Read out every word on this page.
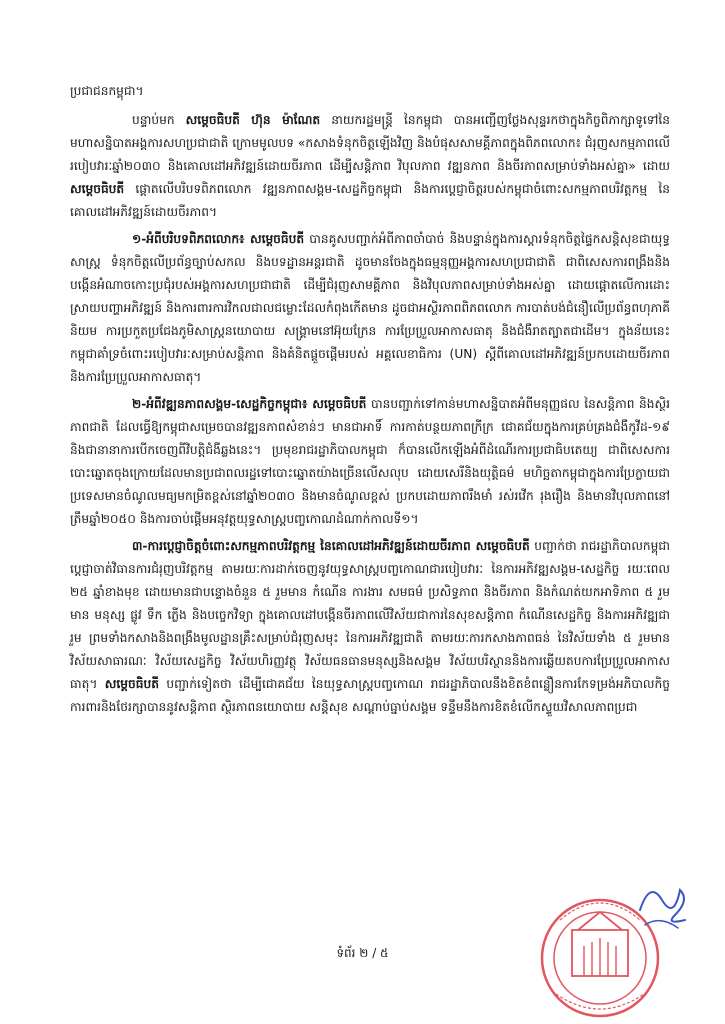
ប្រជាជនកម្ពុជា។

បន្ទាប់មក សម្ដេចធិបតី ហ៊ុន ម៉ាណែត នាយករដ្ឋមន្ត្រី នៃកម្ពុជា បានអញ្ជើញថ្លែងសុន្ទរកថាក្នុងកិច្ចពិភាក្សាទូទៅនៃមហាសន្និបាតអង្គការសហប្រជាជាតិ ក្រោមមូលបទ «កសាងទំនុកចិត្តឡើងវិញ និងបំផុសសាមគ្គីភាពក្នុងពិភពលោក៖ ជំរុញសកម្មភាពលើរបៀបវារៈឆ្នាំ២០៣០ និងគោលដៅអភិវឌ្ឍន៍ដោយចីរភាព ដើម្បីសន្តិភាព វិបុលភាព វឌ្ឍនភាព និងចីរភាពសម្រាប់ទាំងអស់គ្នា» ដោយ សម្ដេចធិបតី ផ្ដោតលើបរិបទពិភពលោក វឌ្ឍនភាពសង្គម-សេដ្ឋកិច្ចកម្ពុជា និងការប្ដេជ្ញាចិត្តរបស់កម្ពុជាចំពោះសកម្មភាពបរិវត្តកម្ម នៃគោលដៅអភិវឌ្ឍន៍ដោយចីរភាព។

១-អំពីបរិបទពិភពលោក៖ សម្ដេចធិបតី បានគូសបញ្ជាក់អំពីភាពចាំបាច់ និងបន្ទាន់ក្នុងការស្ដារទំនុកចិត្តផ្ទៃកសន្តិសុខជាយុទ្ធសាស្ត្រ ទំនុកចិត្តលើប្រព័ន្ធច្បាប់សកល និងបទដ្ឋានអន្តរជាតិ ដូចមានចែងក្នុងធម្មនុញ្ញអង្គការសហប្រជាជាតិ ជាពិសេសការពង្រឹងនិងបង្កើនអំណាចកោះប្រជុំរបស់អង្គការសហប្រជាជាតិ ដើម្បីជំរុញសាមគ្គីភាព និងវិបុលភាពសម្រាប់ទាំងអស់គ្នា ដោយផ្ដោតលើការដោះស្រាយបញ្ហាអភិវឌ្ឍន៍ និងការពារការវិកលជាលជម្លោះដែលកំពុងកើតមាន ដូចជាអស្ថិរភាពពិភពលោក ការបាត់បង់ជំនឿលើប្រព័ន្ធពហុភាគីនិយម ការប្រកួតប្រជែងភូមិសាស្ត្រនយោបាយ សង្គ្រាមនៅអ៊ុយក្រែន ការប្រែប្រួលអាកាសធាតុ និងជំងឺរាតត្បាតជាដើម។ ក្នុងន័យនេះ កម្ពុជាគាំទ្រចំពោះរបៀបវារៈសម្រាប់សន្តិភាព និងគំនិតផ្ដួចផ្ដើមរបស់ អគ្គលេខាធិការ (UN) ស្ដីពីគោលដៅអភិវឌ្ឍន៍ប្រកបដោយចីរភាព និងការប្រែប្រួលអាកាសធាតុ។

២-អំពីវឌ្ឍនភាពសង្គម-សេដ្ឋកិច្ចកម្ពុជា៖ សម្ដេចធិបតី បានបញ្ជាក់ទៅកាន់មហាសន្និបាតអំពីមនុញ្ញផល នៃសន្តិភាព និងស្ថិរភាពជាតិ ដែលធ្វើឱ្យកម្ពុជាសម្រេចបានវឌ្ឍនភាពសំខាន់ៗ មានជាអាទិ៍ ការកាត់បន្ថយភាពក្រីក្រ ជោគជ័យក្នុងការគ្រប់គ្រងជំងឺកូវីដ-១៩ និងជានានាការបើកចេញពីវិបត្តិជំងឺឆ្លងនេះ។ ប្រមុខរាជរដ្ឋាភិបាលកម្ពុជា ក៏បានលើកឡើងអំពីដំណើរការប្រជាធិបតេយ្យ ជាពិសេសការបោះឆ្នោតចុងក្រោយដែលមានប្រជាពលរដ្ឋទៅបោះឆ្នោតយ៉ាងច្រើនលើសលុប ដោយសេរីនិងយុត្តិធម៌ មហិច្ឆតាកម្ពុជាក្នុងការប្រែក្លាយជាប្រទេសមានចំណូលមធ្យមកម្រិតខ្ពស់នៅឆ្នាំ២០៣០ និងមានចំណូលខ្ពស់ ប្រកបដោយភាពរឹងមាំ រស់រវើក រុងរឿង និងមានវិបុលភាពនៅត្រឹមឆ្នាំ២០៥០ និងការចាប់ផ្ដើមអនុវត្តយុទ្ធសាស្ត្របញ្ចកោណដំណាក់កាលទី១។

៣-ការប្ដេជ្ញាចិត្តចំពោះសកម្មភាពបរិវត្តកម្ម នៃគោលដៅអភិវឌ្ឍន៍ដោយចីរភាព សម្ដេចធិបតី បញ្ជាក់ថា រាជរដ្ឋាភិបាលកម្ពុជា ប្ដេជ្ញាចាត់វិធានការជំរុញបរិវត្តកម្ម តាមរយៈការដាក់ចេញនូវយុទ្ធសាស្ត្របញ្ចកោណជារបៀបវារៈ នៃការអភិវឌ្ឍសង្គម-សេដ្ឋកិច្ច រយៈពេល ២៥ ឆ្នាំខាងមុខ ដោយមានជាបន្ទោងចំនួន ៥ រួមមាន កំណើន ការងារ សមធម៌ ប្រសិទ្ធភាព និងចីរភាព និងកំណត់យកអាទិភាព ៥ រួមមាន មនុស្ស ផ្លូវ ទឹក ភ្លើង និងបច្ចេកវិទ្យា ក្នុងគោលដៅបង្កើនចីរភាពលើវិស័យជាការនៃសុខសន្តិភាព កំណើនសេដ្ឋកិច្ច និងការអភិវឌ្ឍជារួម ព្រមទាំងកសាងនិងពង្រឹងមូលដ្ឋានគ្រឹះសម្រាប់ជំរុញសមុះ នៃការអភិវឌ្ឍជាតិ តាមរយៈការកសាងភាពធន់ នៃវិស័យទាំង ៥ រួមមាន វិស័យសាធារណៈ វិស័យសេដ្ឋកិច្ច វិស័យហិរញ្ញវត្ថុ វិស័យធនធានមនុស្សនិងសង្គម វិស័យបរិស្ថាននិងការឆ្លើយតបការប្រែប្រួលអាកាសធាតុ។ សម្ដេចធិបតី បញ្ជាក់ទៀតថា ដើម្បីជោគជ័យ នៃយុទ្ធសាស្ត្របញ្ចកោណ រាជរដ្ឋាភិបាលនឹងខិតខំពន្លឿនការកែទម្រង់អភិបាលកិច្ច ការពារនិងថែរក្សាបាននូវសន្តិភាព ស្ថិរភាពនយោបាយ សន្តិសុខ សណ្ដាប់ធ្នាប់សង្គម ទន្ទឹមនឹងការខិតខំលើកស្ទួយវិសាលភាពប្រជា

ទំព័រ ២ / ៥
